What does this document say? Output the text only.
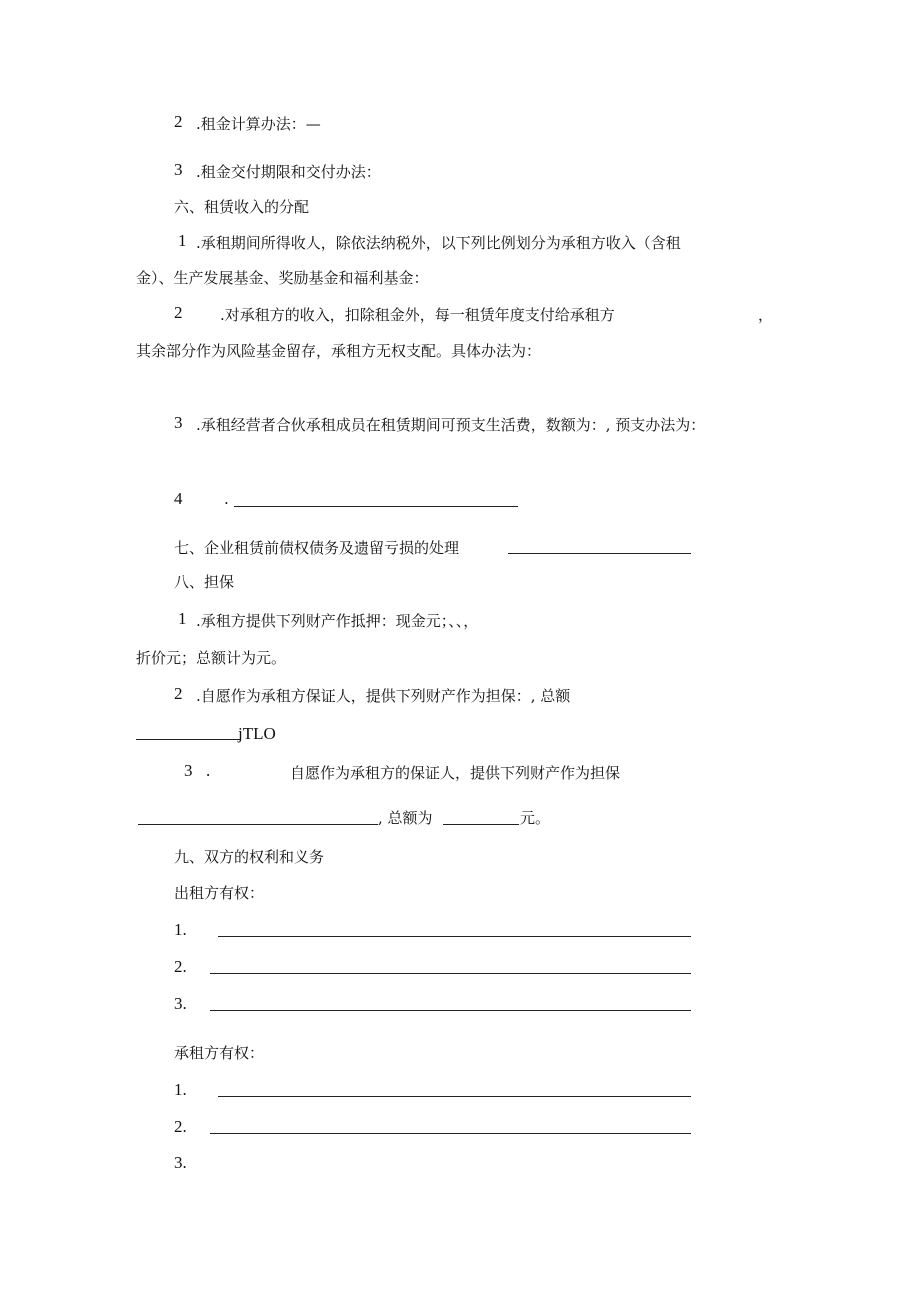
2 .租金计算办法：—
3 .租金交付期限和交付办法：
六、租赁收入的分配
1 .承租期间所得收人，除依法纳税外，以下列比例划分为承租方收入（含租
金）、生产发展基金、奖励基金和福利基金：
2	.对承租方的收入，扣除租金外，每一租赁年度支付给承租方	，
其余部分作为风险基金留存，承租方无权支配。具体办法为：
3 .承租经营者合伙承租成员在租赁期间可预支生活费，数额为：, 预支办法为：
4	.
七、企业租赁前债权债务及遗留亏损的处理
八、担保
1 .承租方提供下列财产作抵押：现金元；、、，
折价元；总额计为元。
2 .自愿作为承租方保证人，提供下列财产作为担保：, 总额
jTLO
3 .	自愿作为承租方的保证人，提供下列财产作为担保
, 总额为	元。
九、双方的权利和义务
出租方有权：
1.
2.
3.
承租方有权：
1.
2.
3.
